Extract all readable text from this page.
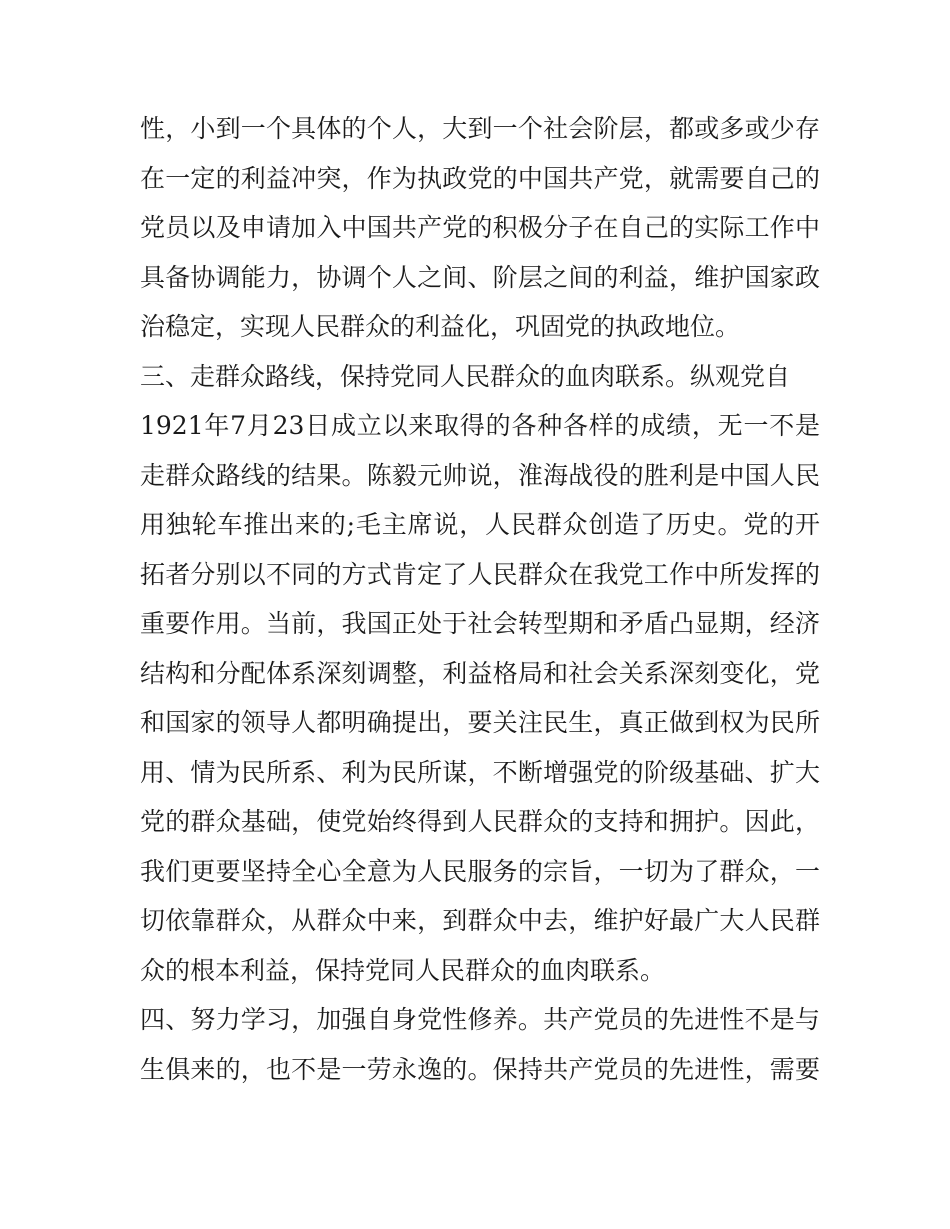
性，小到一个具体的个人，大到一个社会阶层，都或多或少存
在一定的利益冲突，作为执政党的中国共产党，就需要自己的
党员以及申请加入中国共产党的积极分子在自己的实际工作中
具备协调能力，协调个人之间、阶层之间的利益，维护国家政
治稳定，实现人民群众的利益化，巩固党的执政地位。
三、走群众路线，保持党同人民群众的血肉联系。纵观党自
1921年7月23日成立以来取得的各种各样的成绩，无一不是
走群众路线的结果。陈毅元帅说，淮海战役的胜利是中国人民
用独轮车推出来的;毛主席说，人民群众创造了历史。党的开
拓者分别以不同的方式肯定了人民群众在我党工作中所发挥的
重要作用。当前，我国正处于社会转型期和矛盾凸显期，经济
结构和分配体系深刻调整，利益格局和社会关系深刻变化，党
和国家的领导人都明确提出，要关注民生，真正做到权为民所
用、情为民所系、利为民所谋，不断增强党的阶级基础、扩大
党的群众基础，使党始终得到人民群众的支持和拥护。因此，
我们更要坚持全心全意为人民服务的宗旨，一切为了群众，一
切依靠群众，从群众中来，到群众中去，维护好最广大人民群
众的根本利益，保持党同人民群众的血肉联系。
四、努力学习，加强自身党性修养。共产党员的先进性不是与
生俱来的，也不是一劳永逸的。保持共产党员的先进性，需要
